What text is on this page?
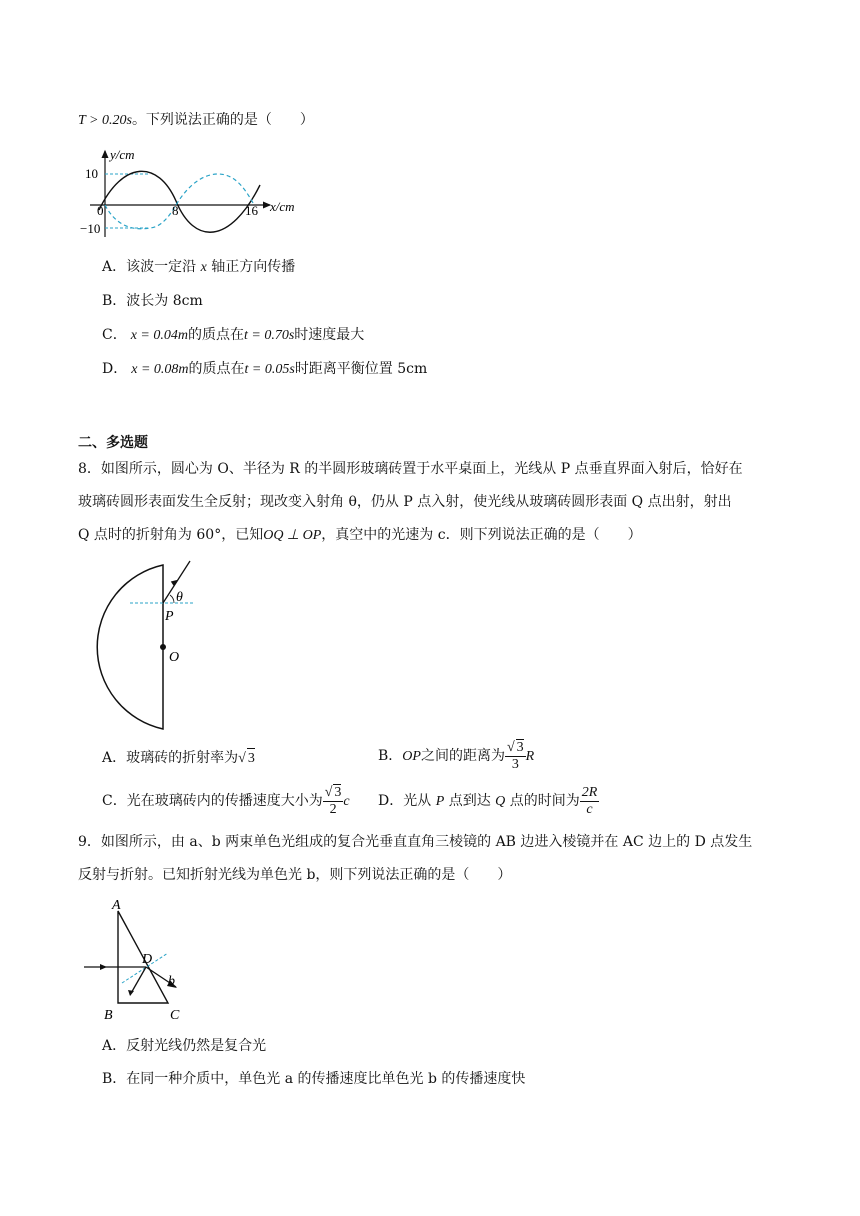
T > 0.20s。下列说法正确的是（　　）
y/cm
x/cm
10
−10
0	8	16
A．该波一定沿 x 轴正方向传播
B．波长为 8cm
C． x = 0.04m的质点在t = 0.70s时速度最大
D． x = 0.08m的质点在t = 0.05s时距离平衡位置 5cm
二、多选题
8．如图所示，圆心为 O、半径为 R 的半圆形玻璃砖置于水平桌面上，光线从 P 点垂直界面入射后，恰好在
玻璃砖圆形表面发生全反射；现改变入射角 θ，仍从 P 点入射，使光线从玻璃砖圆形表面 Q 点出射，射出
Q 点时的折射角为 60°，已知OQ ⊥ OP，真空中的光速为 c．则下列说法正确的是（　　）
θ
P
O
A．玻璃砖的折射率为√ 3	B．OP之间的距离为 $\frac{√ 3}{3}$ R
C．光在玻璃砖内的传播速度大小为 $\frac{√ 3}{2}$ c D．光从 P 点到达 Q 点的时间为 $\frac{2R}{c}$
9．如图所示，由 a、b 两束单色光组成的复合光垂直直角三棱镜的 AB 边进入棱镜并在 AC 边上的 D 点发生
反射与折射。已知折射光线为单色光 b，则下列说法正确的是（　　）
A
B	C
D
b
A．反射光线仍然是复合光
B．在同一种介质中，单色光 a 的传播速度比单色光 b 的传播速度快
